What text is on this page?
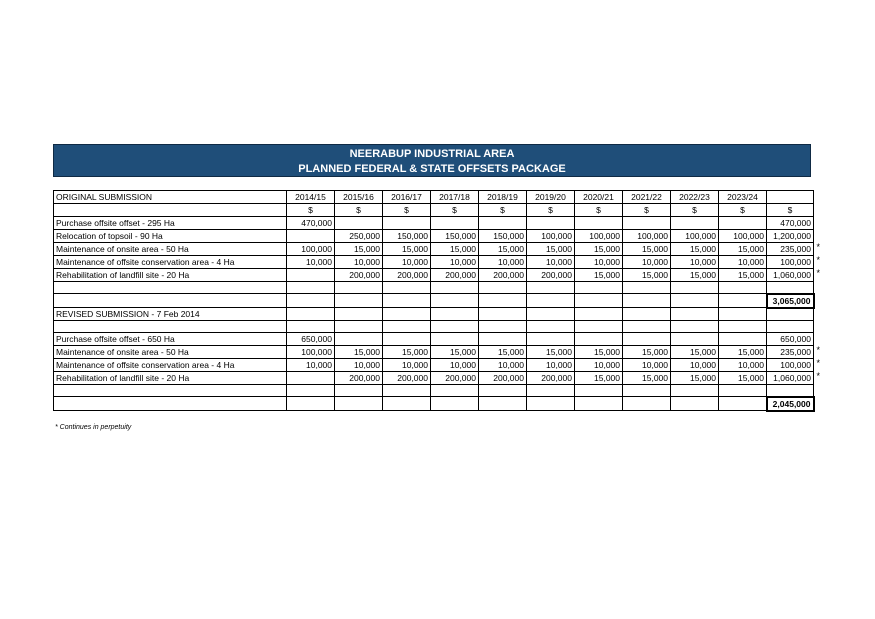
NEERABUP INDUSTRIAL AREA
PLANNED FEDERAL & STATE OFFSETS PACKAGE
ORIGINAL SUBMISSION	2014/15	2015/16	2016/17	2017/18	2018/19	2019/20	2020/21	2021/22	2022/23	2023/24	
	$	$	$	$	$	$	$	$	$	$	$
Purchase offsite offset - 295 Ha	470,000										470,000
Relocation of topsoil - 90 Ha		250,000	150,000	150,000	150,000	100,000	100,000	100,000	100,000	100,000	1,200,000
Maintenance of onsite area - 50 Ha	100,000	15,000	15,000	15,000	15,000	15,000	15,000	15,000	15,000	15,000	235,000
Maintenance of offsite conservation area - 4 Ha	10,000	10,000	10,000	10,000	10,000	10,000	10,000	10,000	10,000	10,000	100,000
Rehabilitation of landfill site - 20 Ha		200,000	200,000	200,000	200,000	200,000	15,000	15,000	15,000	15,000	1,060,000

											3,065,000
REVISED SUBMISSION - 7 Feb 2014											

Purchase offsite offset - 650 Ha	650,000										650,000
Maintenance of onsite area - 50 Ha	100,000	15,000	15,000	15,000	15,000	15,000	15,000	15,000	15,000	15,000	235,000
Maintenance of offsite conservation area - 4 Ha	10,000	10,000	10,000	10,000	10,000	10,000	10,000	10,000	10,000	10,000	100,000
Rehabilitation of landfill site - 20 Ha		200,000	200,000	200,000	200,000	200,000	15,000	15,000	15,000	15,000	1,060,000

											2,045,000
* Continues in perpetuity
*
*
*
*
*
*
